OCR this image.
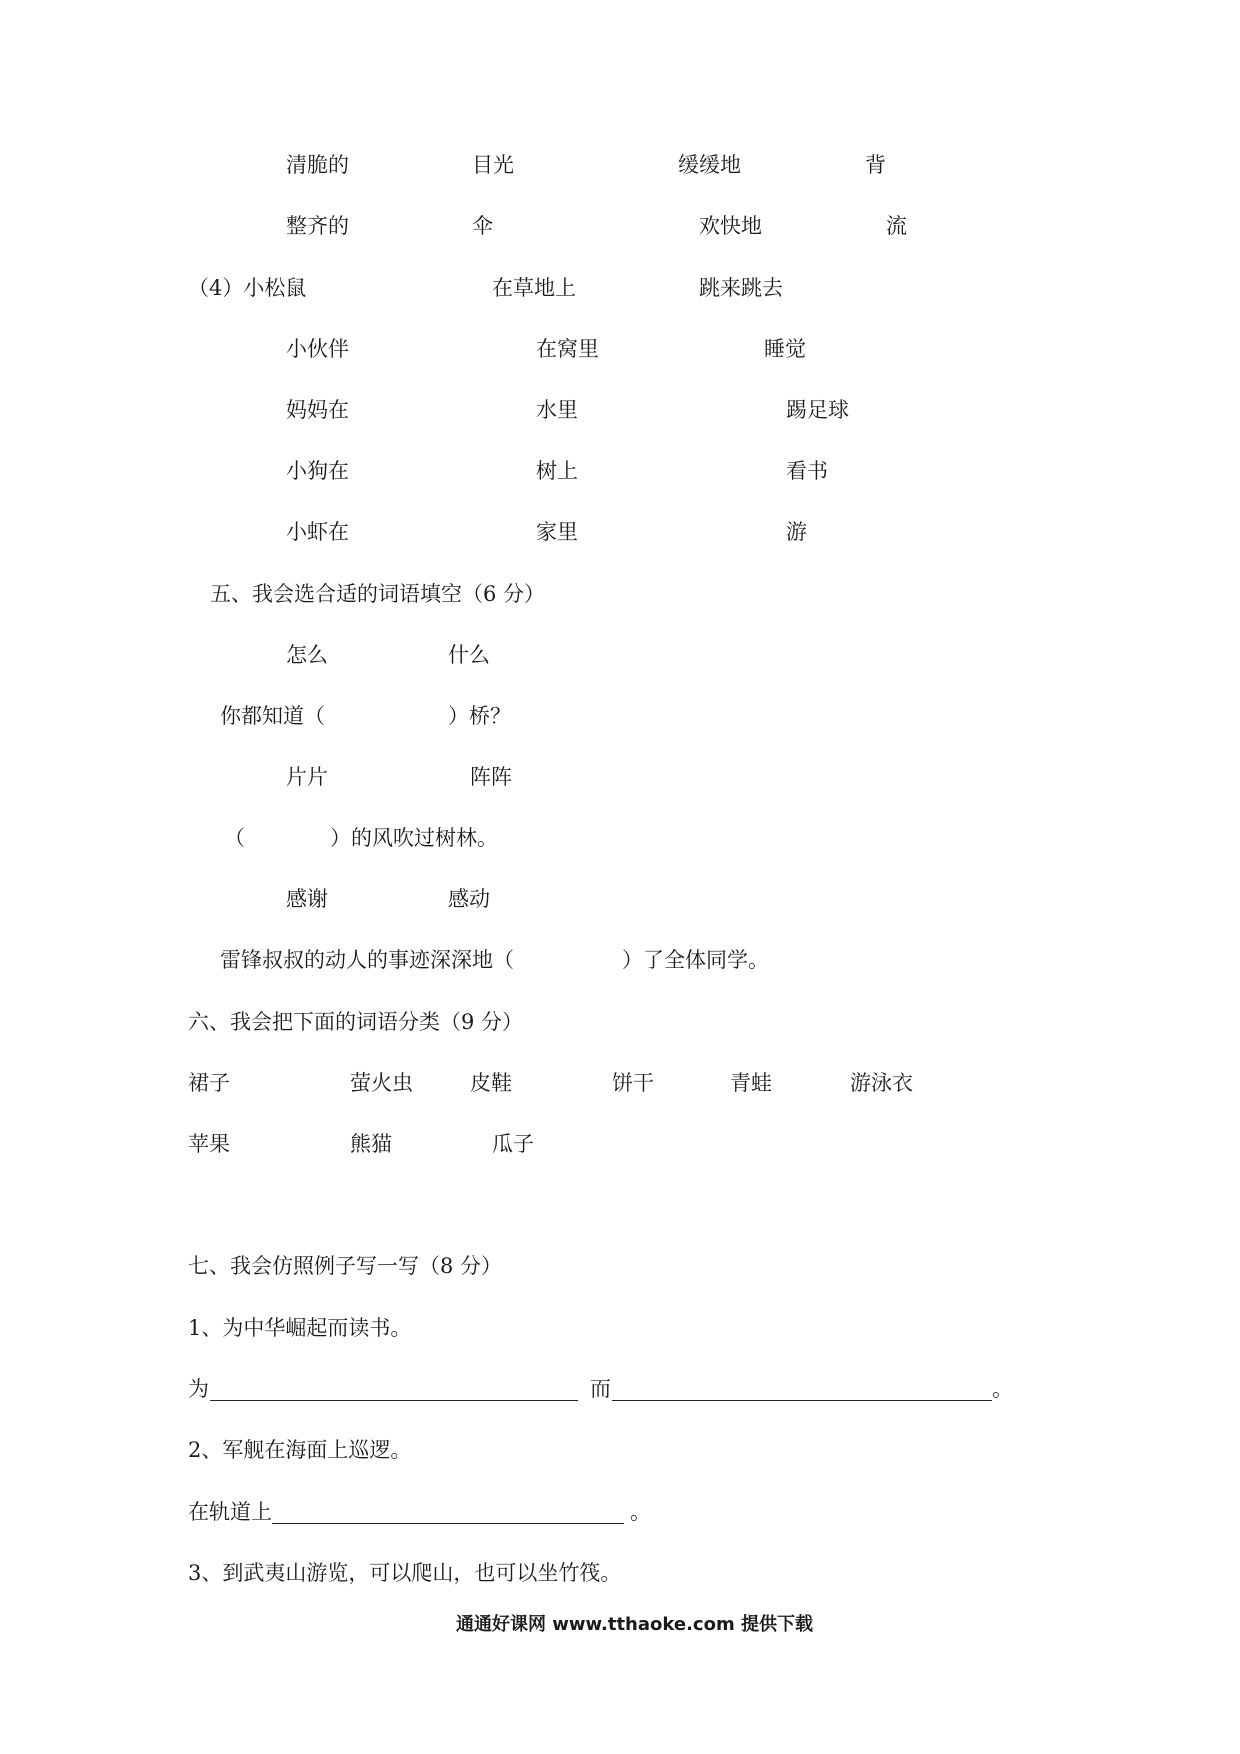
清脆的	目光	缓缓地	背
整齐的	伞	欢快地	流
（4）小松鼠	在草地上	跳来跳去
小伙伴	在窝里	睡觉
妈妈在	水里	踢足球
小狗在	树上	看书
小虾在	家里	游
五、我会选合适的词语填空（6 分）
怎么	什么
你都知道（	）桥？
片片	阵阵
（	）的风吹过树林。
感谢	感动
雷锋叔叔的动人的事迹深深地（	）了全体同学。
六、我会把下面的词语分类（9 分）
裙子	萤火虫	皮鞋	饼干	青蛙	游泳衣
苹果	熊猫	瓜子
七、我会仿照例子写一写（8 分）
1、为中华崛起而读书。
为	而	。
2、军舰在海面上巡逻。
在轨道上	。
3、到武夷山游览，可以爬山，也可以坐竹筏。
通通好课网 www.tthaoke.com 提供下载
